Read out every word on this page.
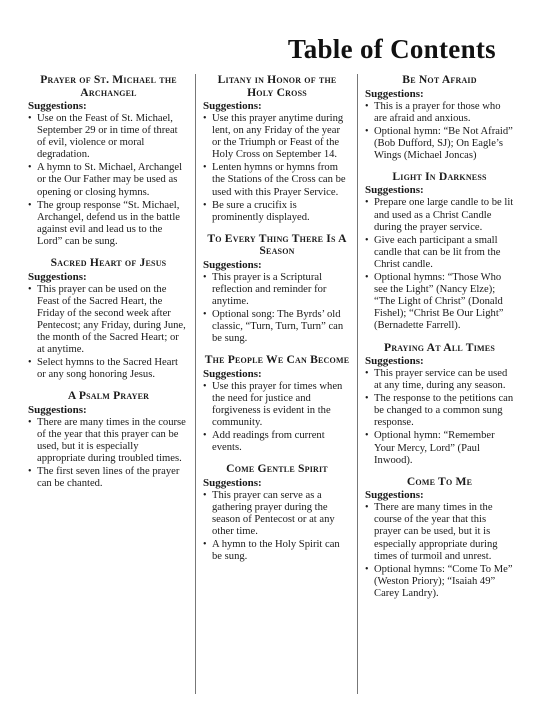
Table of Contents
Prayer of St. Michael the Archangel
Suggestions:
• Use on the Feast of St. Michael, September 29 or in time of threat of evil, violence or moral degradation.
• A hymn to St. Michael, Archangel or the Our Father may be used as opening or closing hymns.
• The group response “St. Michael, Archangel, defend us in the battle against evil and lead us to the Lord” can be sung.
Sacred Heart of Jesus
Suggestions:
• This prayer can be used on the Feast of the Sacred Heart, the Friday of the second week after Pentecost; any Friday, during June, the month of the Sacred Heart; or at anytime.
• Select hymns to the Sacred Heart or any song honoring Jesus.
A Psalm Prayer
Suggestions:
• There are many times in the course of the year that this prayer can be used, but it is especially appropriate during troubled times.
• The first seven lines of the prayer can be chanted.
Litany in Honor of the Holy Cross
Suggestions:
• Use this prayer anytime during lent, on any Friday of the year or the Triumph or Feast of the Holy Cross on September 14.
• Lenten hymns or hymns from the Stations of the Cross can be used with this Prayer Service.
• Be sure a crucifix is prominently displayed.
To Every Thing There Is A Season
Suggestions:
• This prayer is a Scriptural reflection and reminder for anytime.
• Optional song: The Byrds’ old classic, “Turn, Turn, Turn” can be sung.
The People We Can Become
Suggestions:
• Use this prayer for times when the need for justice and forgiveness is evident in the community.
• Add readings from current events.
Come Gentle Spirit
Suggestions:
• This prayer can serve as a gathering prayer during the season of Pentecost or at any other time.
• A hymn to the Holy Spirit can be sung.
Be Not Afraid
Suggestions:
• This is a prayer for those who are afraid and anxious.
• Optional hymn: “Be Not Afraid” (Bob Dufford, SJ); On Eagle’s Wings (Michael Joncas)
Light In Darkness
Suggestions:
• Prepare one large candle to be lit and used as a Christ Candle during the prayer service.
• Give each participant a small candle that can be lit from the Christ candle.
• Optional hymns: “Those Who see the Light” (Nancy Elze); “The Light of Christ” (Donald Fishel); “Christ Be Our Light” (Bernadette Farrell).
Praying At All Times
Suggestions:
• This prayer service can be used at any time, during any season.
• The response to the petitions can be changed to a common sung response.
• Optional hymn: “Remember Your Mercy, Lord” (Paul Inwood).
Come To Me
Suggestions:
• There are many times in the course of the year that this prayer can be used, but it is especially appropriate during times of turmoil and unrest.
• Optional hymns: “Come To Me” (Weston Priory); “Isaiah 49” Carey Landry).
